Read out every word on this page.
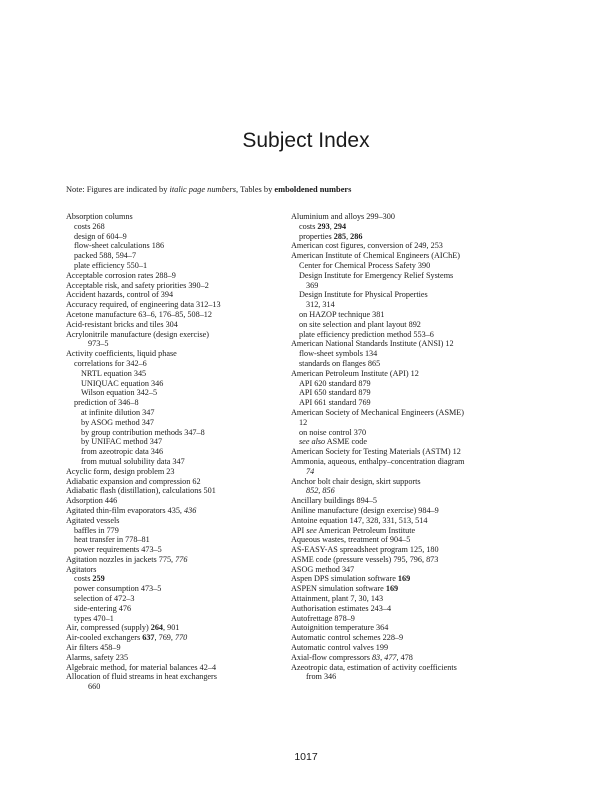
Subject Index
Note: Figures are indicated by italic page numbers, Tables by emboldened numbers
Absorption columns
costs 268
design of 604–9
flow-sheet calculations 186
packed 588, 594–7
plate efficiency 550–1
Acceptable corrosion rates 288–9
Acceptable risk, and safety priorities 390–2
Accident hazards, control of 394
Accuracy required, of engineering data 312–13
Acetone manufacture 63–6, 176–85, 508–12
Acid-resistant bricks and tiles 304
Acrylonitrile manufacture (design exercise)
973–5
Activity coefficients, liquid phase
correlations for 342–6
NRTL equation 345
UNIQUAC equation 346
Wilson equation 342–5
prediction of 346–8
at infinite dilution 347
by ASOG method 347
by group contribution methods 347–8
by UNIFAC method 347
from azeotropic data 346
from mutual solubility data 347
Acyclic form, design problem 23
Adiabatic expansion and compression 62
Adiabatic flash (distillation), calculations 501
Adsorption 446
Agitated thin-film evaporators 435, 436
Agitated vessels
baffles in 779
heat transfer in 778–81
power requirements 473–5
Agitation nozzles in jackets 775, 776
Agitators
costs 259
power consumption 473–5
selection of 472–3
side-entering 476
types 470–1
Air, compressed (supply) 264, 901
Air-cooled exchangers 637, 769, 770
Air filters 458–9
Alarms, safety 235
Algebraic method, for material balances 42–4
Allocation of fluid streams in heat exchangers
660
Aluminium and alloys 299–300
costs 293, 294
properties 285, 286
American cost figures, conversion of 249, 253
American Institute of Chemical Engineers (AIChE)
Center for Chemical Process Safety 390
Design Institute for Emergency Relief Systems
369
Design Institute for Physical Properties
312, 314
on HAZOP technique 381
on site selection and plant layout 892
plate efficiency prediction method 553–6
American National Standards Institute (ANSI) 12
flow-sheet symbols 134
standards on flanges 865
American Petroleum Institute (API) 12
API 620 standard 879
API 650 standard 879
API 661 standard 769
American Society of Mechanical Engineers (ASME)
12
on noise control 370
see also ASME code
American Society for Testing Materials (ASTM) 12
Ammonia, aqueous, enthalpy–concentration diagram
74
Anchor bolt chair design, skirt supports
852, 856
Ancillary buildings 894–5
Aniline manufacture (design exercise) 984–9
Antoine equation 147, 328, 331, 513, 514
API see American Petroleum Institute
Aqueous wastes, treatment of 904–5
AS-EASY-AS spreadsheet program 125, 180
ASME code (pressure vessels) 795, 796, 873
ASOG method 347
Aspen DPS simulation software 169
ASPEN simulation software 169
Attainment, plant 7, 30, 143
Authorisation estimates 243–4
Autofrettage 878–9
Autoignition temperature 364
Automatic control schemes 228–9
Automatic control valves 199
Axial-flow compressors 83, 477, 478
Azeotropic data, estimation of activity coefficients
from 346
1017
